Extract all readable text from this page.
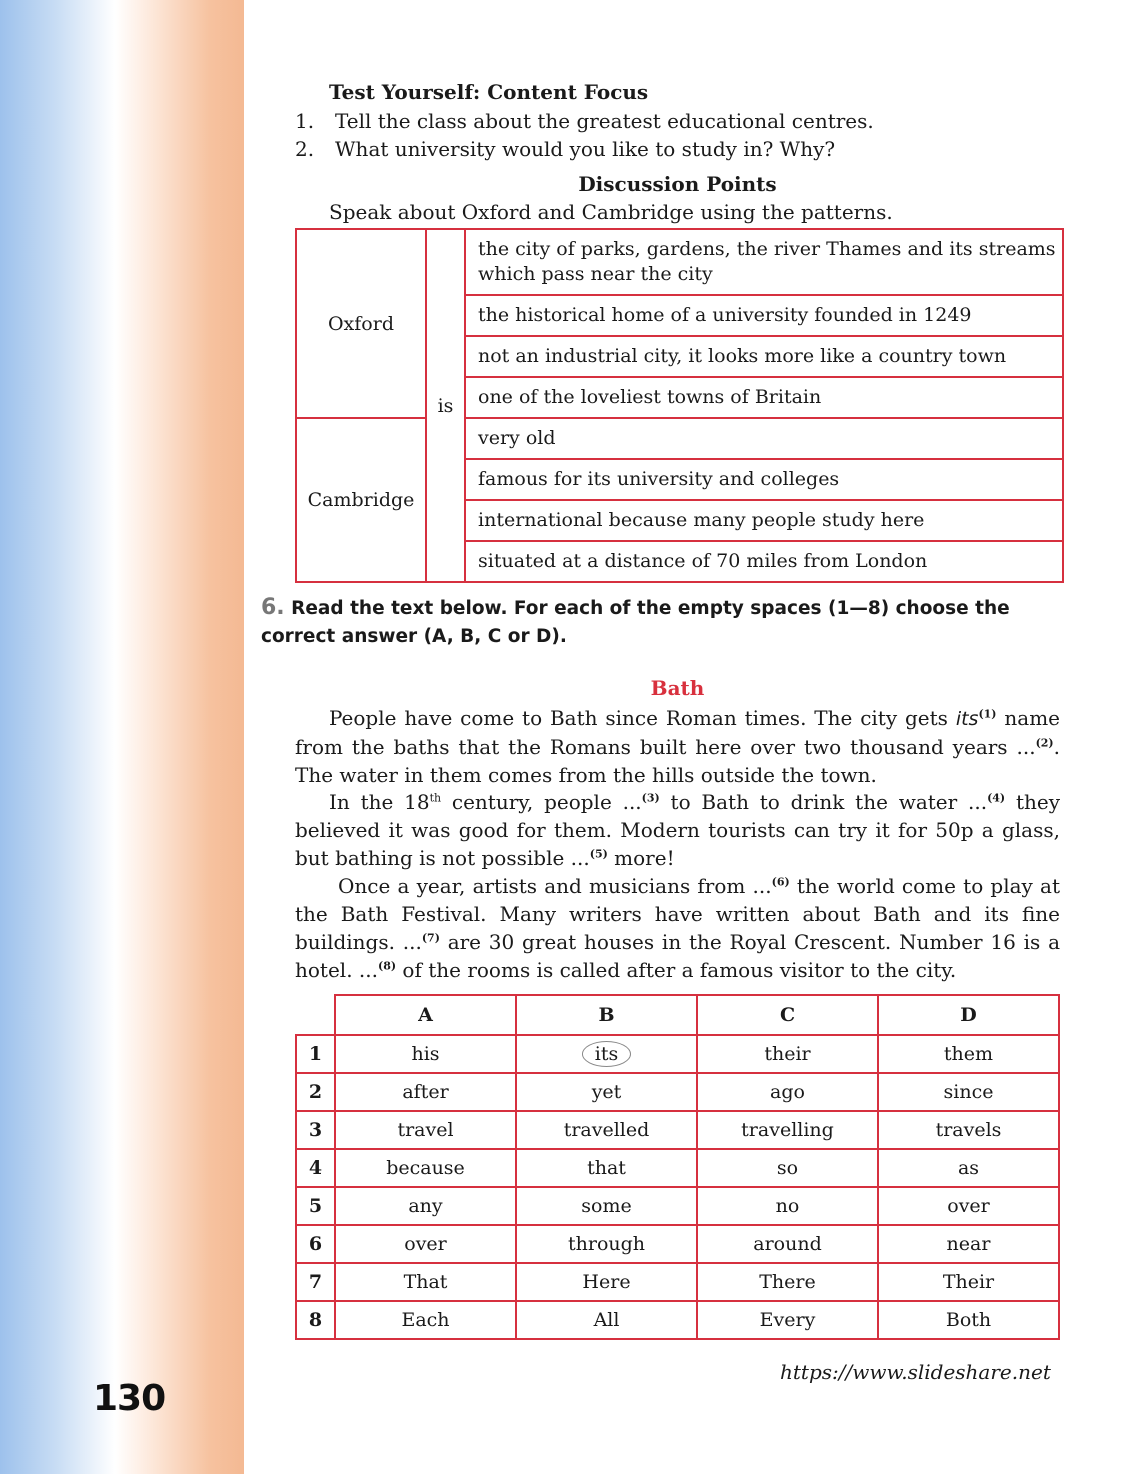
130
Test Yourself: Content Focus
1.	Tell the class about the greatest educational centres.
2.	What university would you like to study in? Why?
Discussion Points
Speak about Oxford and Cambridge using the patterns.
Oxford	is	the city of parks, gardens, the river Thames and its streams which pass near the city
		the historical home of a university founded in 1249
		not an industrial city, it looks more like a country town
		one of the loveliest towns of Britain
Cambridge		very old
		famous for its university and colleges
		international because many people study here
		situated at a distance of 70 miles from London
6. Read the text below. For each of the empty spaces (1—8) choose the correct answer (A, B, C or D).
Bath
People have come to Bath since Roman times. The city gets its$^{(1)}$ name from the baths that the Romans built here over two thousand years ...$^{(2)}$. The water in them comes from the hills outside the town.
In the 18th century, people ...$^{(3)}$ to Bath to drink the water ...$^{(4)}$ they believed it was good for them. Modern tourists can try it for 50p a glass, but bathing is not possible ...$^{(5)}$ more!
Once a year, artists and musicians from ...$^{(6)}$ the world come to play at the Bath Festival. Many writers have written about Bath and its fine buildings. ...$^{(7)}$ are 30 great houses in the Royal Crescent. Number 16 is a hotel. ...$^{(8)}$ of the rooms is called after a famous visitor to the city.
	A	B	C	D
1	his	its	their	them
2	after	yet	ago	since
3	travel	travelled	travelling	travels
4	because	that	so	as
5	any	some	no	over
6	over	through	around	near
7	That	Here	There	Their
8	Each	All	Every	Both
https://www.slideshare.net
